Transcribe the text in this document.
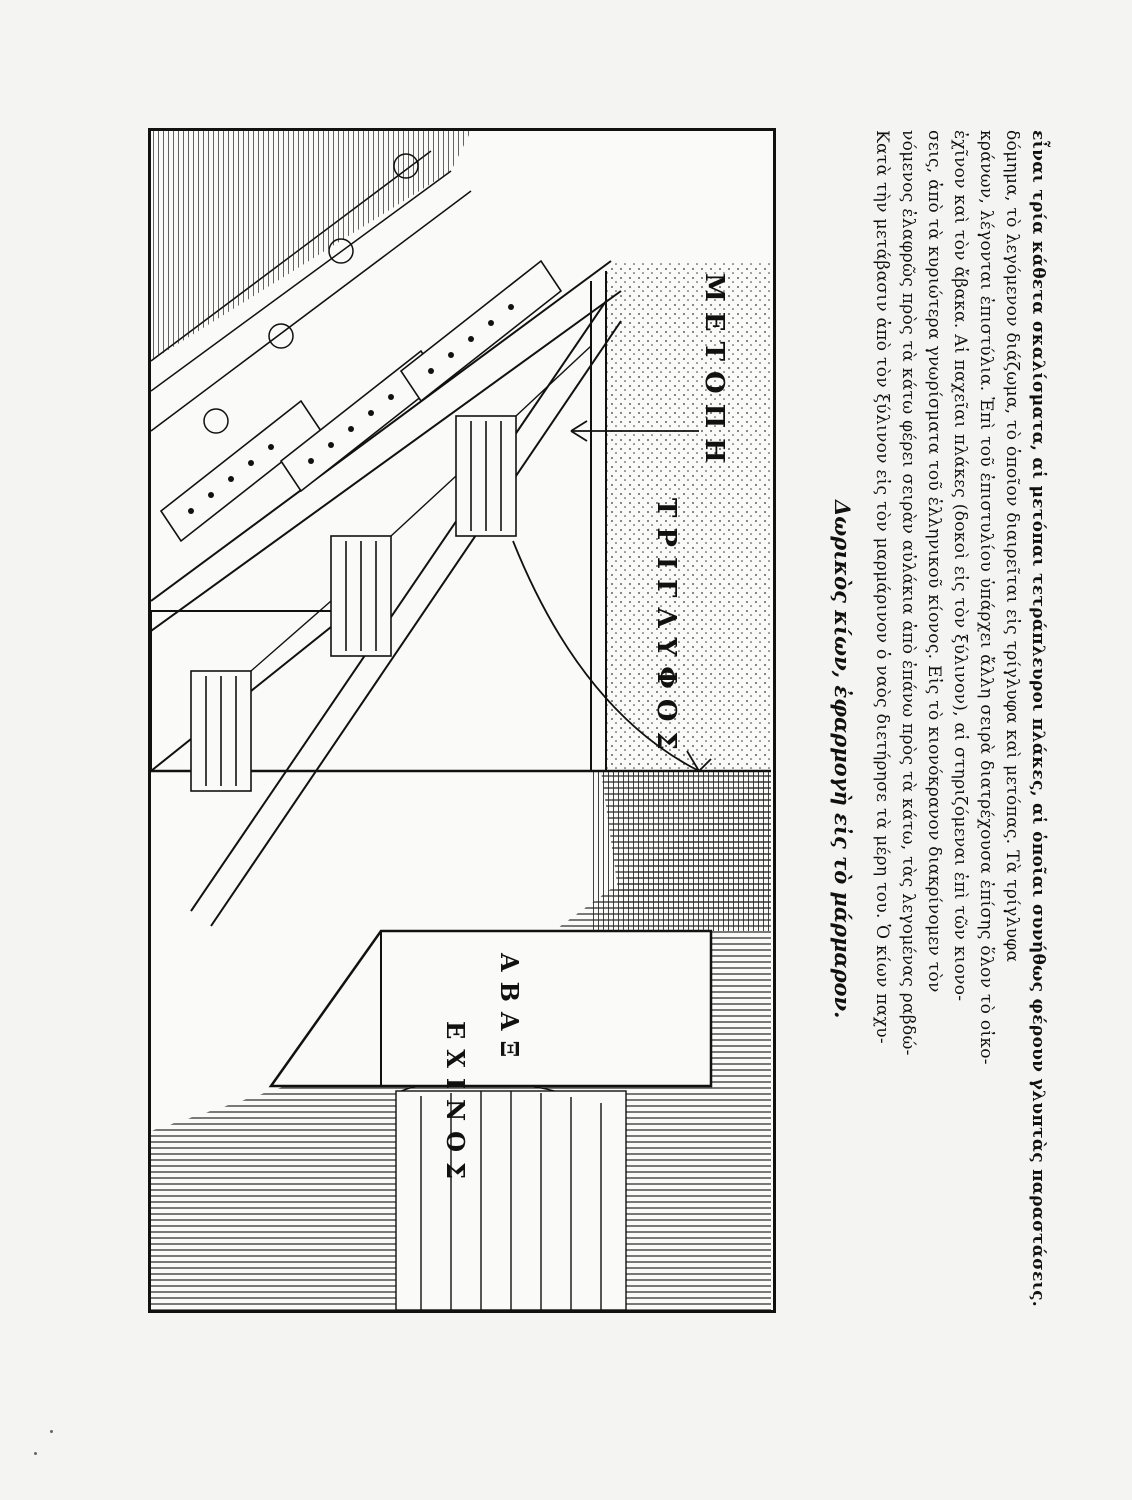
ΜΕΤΟΠΗ
ΤΡΙΓΛΥΦΟΣ
ΑΒΑΞ
ΕΧΙΝΟΣ
Δωρικὸς κίων, ἐφαρμογὴ εἰς τὸ μάρμαρον. Κατὰ τὴν μετάβασιν ἀπὸ τὸν ξύλινον εἰς τὸν μαρμάρινον ὁ ναὸς διετήρησε τὰ μέρη του. Ὁ κίων παχυ- νόμενος ἐλαφρῶς πρὸς τὰ κάτω φέρει σειρὰν αὐλάκια ἀπὸ ἐπάνω πρὸς τὰ κάτω, τὰς λεγομένας ραβδώ- σεις, ἀπὸ τὰ κυριώτερα γνωρίσματα τοῦ ἑλληνικοῦ κίονος. Εἰς τὸ κιονόκρανον διακρίνομεν τὸν ἐχῖνον καὶ τὸν ἄβακα. Αἱ παχεῖαι πλάκες (δοκοὶ εἰς τὸν ξύλινον), αἱ στηριζόμεναι ἐπὶ τῶν κιονο- κράνων, λέγονται ἐπιστύλια. Ἐπὶ τοῦ ἐπιστυλίου ὑπάρχει ἄλλη σειρὰ διατρέχουσα ἐπίσης ὅλον τὸ οἰκο- δόμημα, τὸ λεγόμενον διάζωμα, τὸ ὁποῖον διαιρεῖται εἰς τρίγλυφα καὶ μετόπας. Τὰ τρίγλυφα εἶναι τρία κάθετα σκαλίσματα, αἱ μετόπαι τετράπλευροι πλάκες, αἱ ὁποῖαι συνήθως φέρουν γλυπτὰς παραστάσεις.
